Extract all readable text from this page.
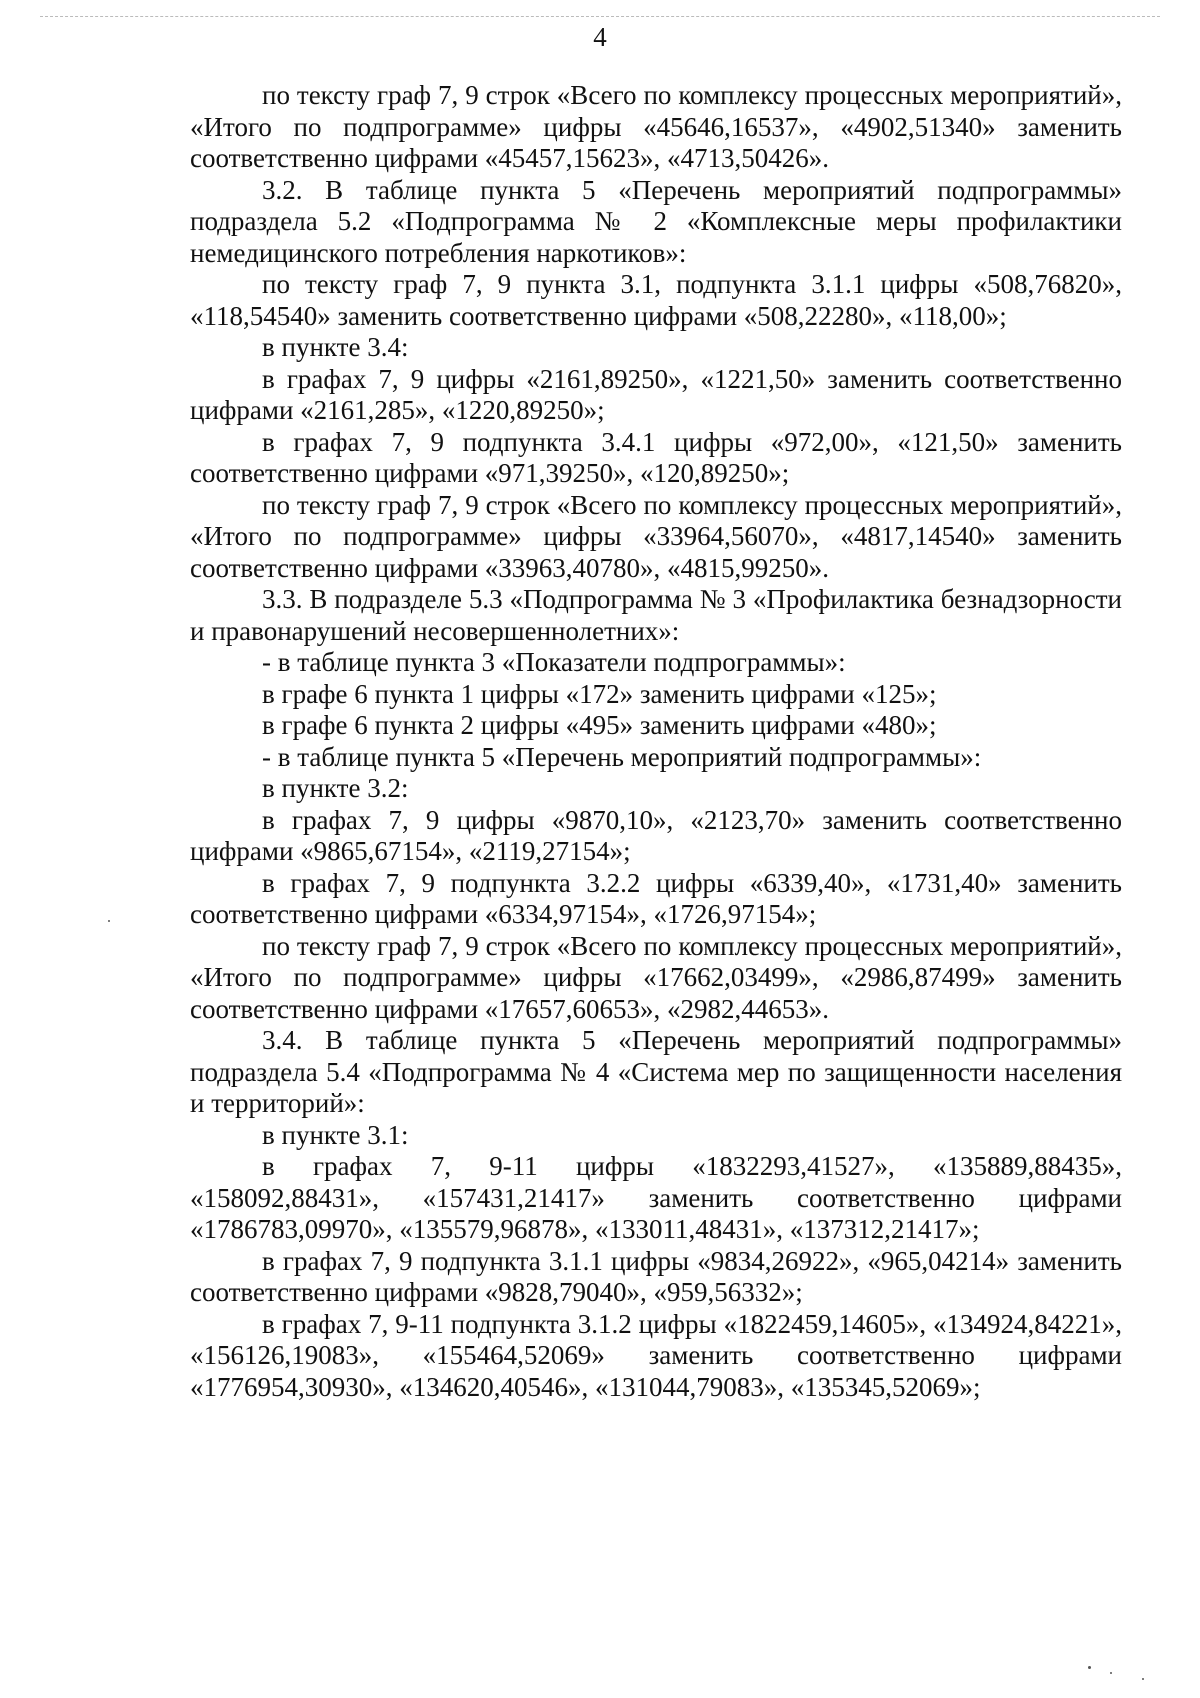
4

по тексту граф 7, 9 строк «Всего по комплексу процессных мероприятий», «Итого по подпрограмме» цифры «45646,16537», «4902,51340» заменить соответственно цифрами «45457,15623», «4713,50426».

3.2. В таблице пункта 5 «Перечень мероприятий подпрограммы» подраздела 5.2 «Подпрограмма № 2 «Комплексные меры профилактики немедицинского потребления наркотиков»:

по тексту граф 7, 9 пункта 3.1, подпункта 3.1.1 цифры «508,76820», «118,54540» заменить соответственно цифрами «508,22280», «118,00»;

в пункте 3.4:

в графах 7, 9 цифры «2161,89250», «1221,50» заменить соответственно цифрами «2161,285», «1220,89250»;

в графах 7, 9 подпункта 3.4.1 цифры «972,00», «121,50» заменить соответственно цифрами «971,39250», «120,89250»;

по тексту граф 7, 9 строк «Всего по комплексу процессных мероприятий», «Итого по подпрограмме» цифры «33964,56070», «4817,14540» заменить соответственно цифрами «33963,40780», «4815,99250».

3.3. В подразделе 5.3 «Подпрограмма № 3 «Профилактика безнадзорности и правонарушений несовершеннолетних»:

- в таблице пункта 3 «Показатели подпрограммы»:

в графе 6 пункта 1 цифры «172» заменить цифрами «125»;

в графе 6 пункта 2 цифры «495» заменить цифрами «480»;

- в таблице пункта 5 «Перечень мероприятий подпрограммы»:

в пункте 3.2:

в графах 7, 9 цифры «9870,10», «2123,70» заменить соответственно цифрами «9865,67154», «2119,27154»;

в графах 7, 9 подпункта 3.2.2 цифры «6339,40», «1731,40» заменить соответственно цифрами «6334,97154», «1726,97154»;

по тексту граф 7, 9 строк «Всего по комплексу процессных мероприятий», «Итого по подпрограмме» цифры «17662,03499», «2986,87499» заменить соответственно цифрами «17657,60653», «2982,44653».

3.4. В таблице пункта 5 «Перечень мероприятий подпрограммы» подраздела 5.4 «Подпрограмма № 4 «Система мер по защищенности населения и территорий»:

в пункте 3.1:

в графах 7, 9-11 цифры «1832293,41527», «135889,88435», «158092,88431», «157431,21417» заменить соответственно цифрами «1786783,09970», «135579,96878», «133011,48431», «137312,21417»;

в графах 7, 9 подпункта 3.1.1 цифры «9834,26922», «965,04214» заменить соответственно цифрами «9828,79040», «959,56332»;

в графах 7, 9-11 подпункта 3.1.2 цифры «1822459,14605», «134924,84221», «156126,19083», «155464,52069» заменить соответственно цифрами «1776954,30930», «134620,40546», «131044,79083», «135345,52069»;
